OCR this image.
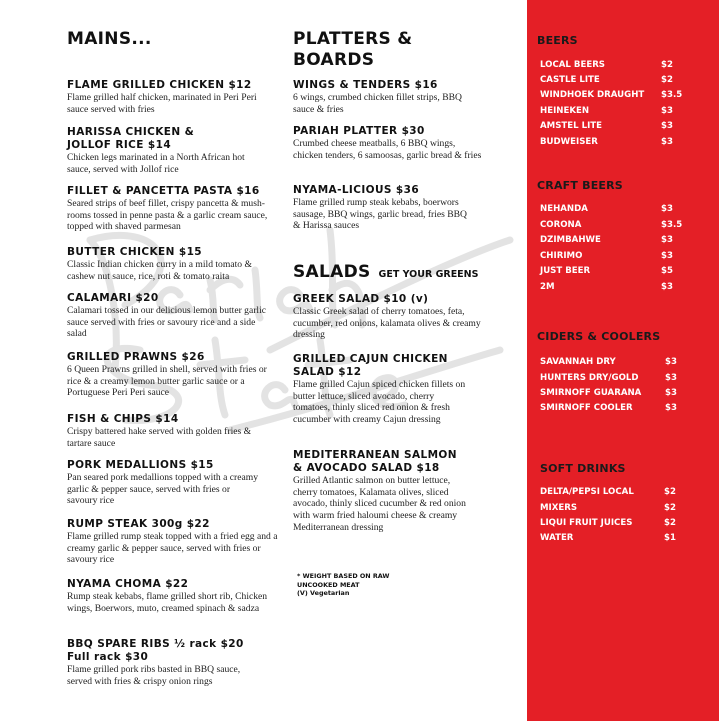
MAINS...
FLAME GRILLED CHICKEN $12
Flame grilled half chicken, marinated in Peri Peri sauce served with fries
HARISSA CHICKEN & JOLLOF RICE $14
Chicken legs marinated in a North African hot sauce, served with Jollof rice
FILLET & PANCETTA PASTA $16
Seared strips of beef fillet, crispy pancetta & mush- rooms tossed in penne pasta & a garlic cream sauce, topped with shaved parmesan
BUTTER CHICKEN $15
Classic Indian chicken curry in a mild tomato & cashew nut sauce, rice, roti & tomato raita
CALAMARI $20
Calamari tossed in our delicious lemon butter garlic sauce served with fries or savoury rice and a side salad
GRILLED PRAWNS $26
6 Queen Prawns grilled in shell, served with fries or rice & a creamy lemon butter garlic sauce or a Portuguese Peri Peri sauce
FISH & CHIPS $14
Crispy battered hake served with golden fries & tartare sauce
PORK MEDALLIONS $15
Pan seared pork medallions topped with a creamy garlic & pepper sauce, served with fries or savoury rice
RUMP STEAK 300g $22
Flame grilled rump steak topped with a fried egg and a creamy garlic & pepper sauce, served with fries or savoury rice
NYAMA CHOMA $22
Rump steak kebabs, flame grilled short rib, Chicken wings, Boerwors, muto, creamed spinach & sadza
BBQ SPARE RIBS ½ rack $20 Full rack $30
Flame grilled pork ribs basted in BBQ sauce, served with fries & crispy onion rings
PLATTERS & BOARDS
WINGS & TENDERS $16
6 wings, crumbed chicken fillet strips, BBQ sauce & fries
PARIAH PLATTER $30
Crumbed cheese meatballs, 6 BBQ wings, chicken tenders, 6 samoosas, garlic bread & fries
NYAMA-LICIOUS $36
Flame grilled rump steak kebabs, boerwors sausage, BBQ wings, garlic bread, fries BBQ & Harissa sauces
SALADS GET YOUR GREENS
GREEK SALAD $10 (v)
Classic Greek salad of cherry tomatoes, feta, cucumber, red onions, kalamata olives & creamy dressing
GRILLED CAJUN CHICKEN SALAD $12
Flame grilled Cajun spiced chicken fillets on butter lettuce, sliced avocado, cherry tomatoes, thinly sliced red onion & fresh cucumber with creamy Cajun dressing
MEDITERRANEAN SALMON & AVOCADO SALAD $18
Grilled Atlantic salmon on butter lettuce, cherry tomatoes, Kalamata olives, sliced avocado, thinly sliced cucumber & red onion with warm fried haloumi cheese & creamy Mediterranean dressing
* WEIGHT BASED ON RAW
UNCOOKED MEAT
(V) Vegetarian
BEERS
LOCAL BEERS	$2
CASTLE LITE	$2
WINDHOEK DRAUGHT $3.5
HEINEKEN	$3
AMSTEL LITE	$3
BUDWEISER	$3
CRAFT BEERS
NEHANDA	$3
CORONA	$3.5
DZIMBAHWE	$3
CHIRIMO	$3
JUST BEER	$5
2M	$3
CIDERS & COOLERS
SAVANNAH DRY	$3
HUNTERS DRY/GOLD	$3
SMIRNOFF GUARANA	$3
SMIRNOFF COOLER	$3
SOFT DRINKS
DELTA/PEPSI LOCAL	$2
MIXERS	$2
LIQUI FRUIT JUICES	$2
WATER	$1
